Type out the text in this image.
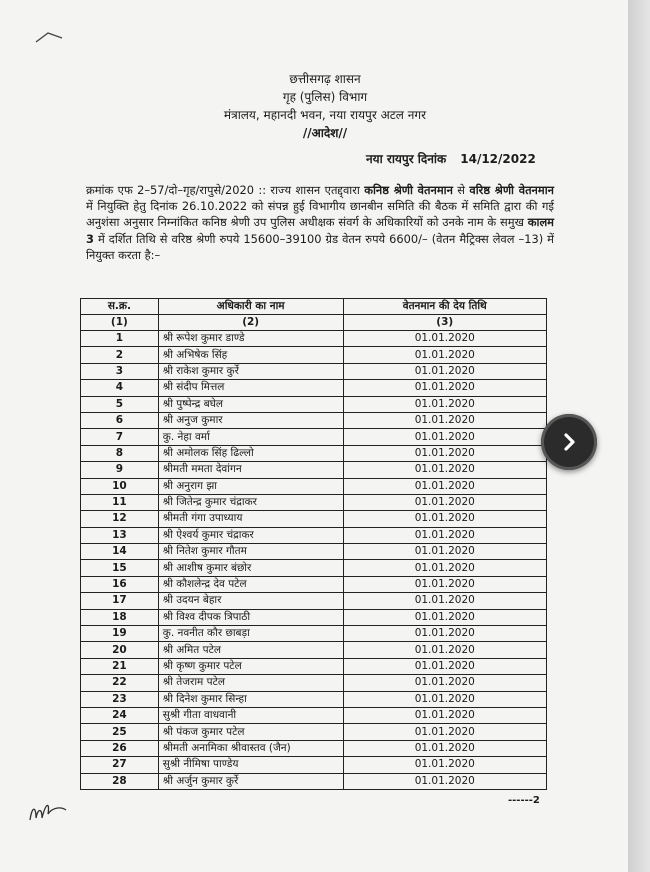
छत्तीसगढ़ शासन

गृह (पुलिस) विभाग

मंत्रालय, महानदी भवन, नया रायपुर अटल नगर

//आदेश//

नया रायपुर दिनांक 14/12/2022
क्रमांक एफ 2–57/दो–गृह/रापुसे/2020 :: राज्य शासन एतद्द्वारा कनिष्ठ श्रेणी वेतनमान से वरिष्ठ श्रेणी वेतनमान में नियुक्ति हेतु दिनांक 26.10.2022 को संपन्न हुई विभागीय छानबीन समिति की बैठक में समिति द्वारा की गई अनुशंसा अनुसार निम्नांकित कनिष्ठ श्रेणी उप पुलिस अधीक्षक संवर्ग के अधिकारियों को उनके नाम के समुख कालम 3 में दर्शित तिथि से वरिष्ठ श्रेणी रुपये 15600–39100 ग्रेड वेतन रुपये 6600/– (वेतन मैट्रिक्स लेवल –13) में नियुक्त करता है:–
स.क्र.	अधिकारी का नाम	वेतनमान की देय तिथि
(1)	(2)	(3)
1	श्री रूपेश कुमार डाण्डे	01.01.2020
2	श्री अभिषेक सिंह	01.01.2020
3	श्री राकेश कुमार कुर्रे	01.01.2020
4	श्री संदीप मित्तल	01.01.2020
5	श्री पुष्पेन्द्र बघेल	01.01.2020
6	श्री अनुज कुमार	01.01.2020
7	कु. नेहा वर्मा	01.01.2020
8	श्री अमोलक सिंह ढिल्लो	01.01.2020
9	श्रीमती ममता देवांगन	01.01.2020
10	श्री अनुराग झा	01.01.2020
11	श्री जितेन्द्र कुमार चंद्राकर	01.01.2020
12	श्रीमती गंगा उपाध्याय	01.01.2020
13	श्री ऐश्वर्य कुमार चंद्राकर	01.01.2020
14	श्री नितेश कुमार गौतम	01.01.2020
15	श्री आशीष कुमार बंछोर	01.01.2020
16	श्री कौशलेन्द्र देव पटेल	01.01.2020
17	श्री उदयन बेहार	01.01.2020
18	श्री विश्व दीपक त्रिपाठी	01.01.2020
19	कु. नवनीत कौर छाबड़ा	01.01.2020
20	श्री अमित पटेल	01.01.2020
21	श्री कृष्ण कुमार पटेल	01.01.2020
22	श्री तेजराम पटेल	01.01.2020
23	श्री दिनेश कुमार सिन्हा	01.01.2020
24	सुश्री गीता वाधवानी	01.01.2020
25	श्री पंकज कुमार पटेल	01.01.2020
26	श्रीमती अनामिका श्रीवास्तव (जैन)	01.01.2020
27	सुश्री नीमिषा पाण्डेय	01.01.2020
28	श्री अर्जुन कुमार कुर्रे	01.01.2020
------2
